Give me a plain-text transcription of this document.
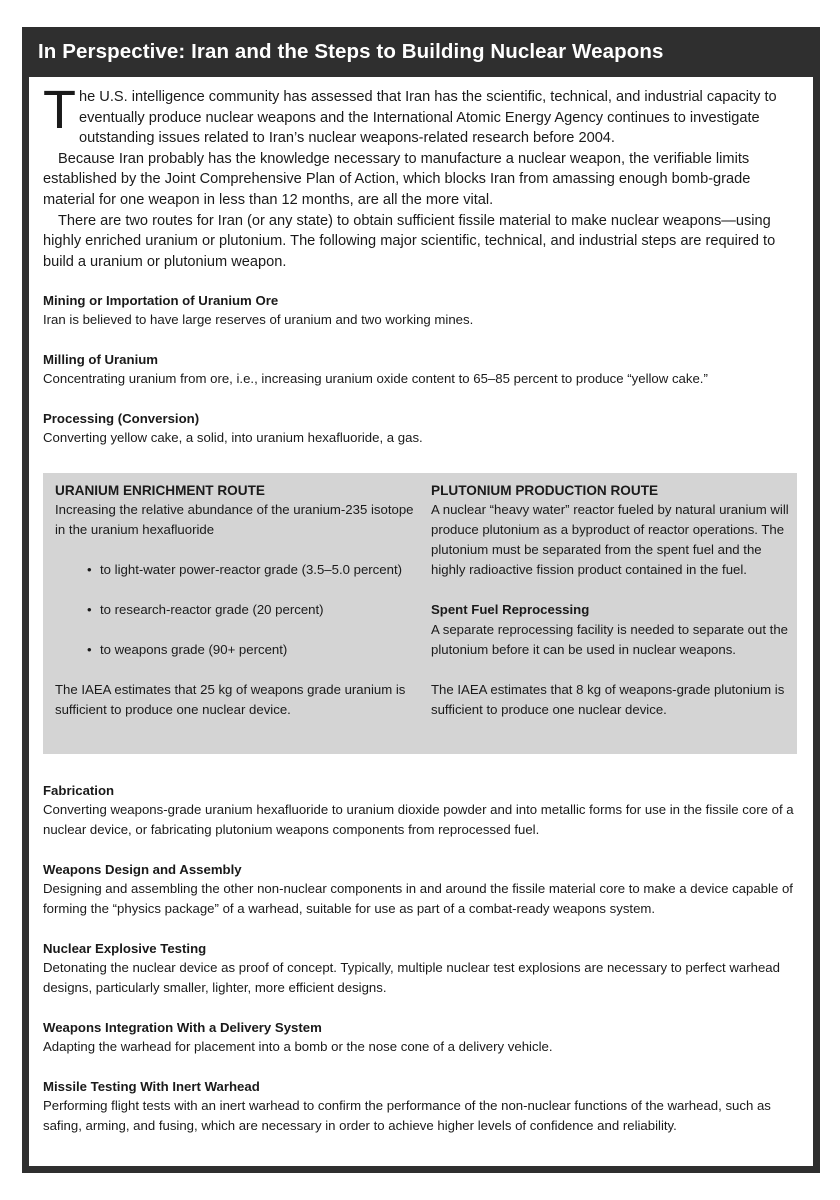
In Perspective: Iran and the Steps to Building Nuclear Weapons

The U.S. intelligence community has assessed that Iran has the scientific, technical, and industrial capacity to eventually produce nuclear weapons and the International Atomic Energy Agency continues to investigate outstanding issues related to Iran’s nuclear weapons-related research before 2004.

Because Iran probably has the knowledge necessary to manufacture a nuclear weapon, the verifiable limits established by the Joint Comprehensive Plan of Action, which blocks Iran from amassing enough bomb-grade material for one weapon in less than 12 months, are all the more vital.

There are two routes for Iran (or any state) to obtain sufficient fissile material to make nuclear weapons—using highly enriched uranium or plutonium. The following major scientific, technical, and industrial steps are required to build a uranium or plutonium weapon.

Mining or Importation of Uranium Ore

Iran is believed to have large reserves of uranium and two working mines.

Milling of Uranium

Concentrating uranium from ore, i.e., increasing uranium oxide content to 65–85 percent to produce “yellow cake.”

Processing (Conversion)

Converting yellow cake, a solid, into uranium hexafluoride, a gas.

URANIUM ENRICHMENT ROUTE

Increasing the relative abundance of the uranium-235 isotope in the uranium hexafluoride

• to light-water power-reactor grade (3.5–5.0 percent)
• to research-reactor grade (20 percent)
• to weapons grade (90+ percent)

The IAEA estimates that 25 kg of weapons grade uranium is sufficient to produce one nuclear device.

PLUTONIUM PRODUCTION ROUTE

A nuclear “heavy water” reactor fueled by natural uranium will produce plutonium as a byproduct of reactor operations. The plutonium must be separated from the spent fuel and the highly radioactive fission product contained in the fuel.

Spent Fuel Reprocessing

A separate reprocessing facility is needed to separate out the plutonium before it can be used in nuclear weapons.

The IAEA estimates that 8 kg of weapons-grade plutonium is sufficient to produce one nuclear device.

Fabrication

Converting weapons-grade uranium hexafluoride to uranium dioxide powder and into metallic forms for use in the fissile core of a nuclear device, or fabricating plutonium weapons components from reprocessed fuel.

Weapons Design and Assembly

Designing and assembling the other non-nuclear components in and around the fissile material core to make a device capable of forming the “physics package” of a warhead, suitable for use as part of a combat-ready weapons system.

Nuclear Explosive Testing

Detonating the nuclear device as proof of concept. Typically, multiple nuclear test explosions are necessary to perfect warhead designs, particularly smaller, lighter, more efficient designs.

Weapons Integration With a Delivery System

Adapting the warhead for placement into a bomb or the nose cone of a delivery vehicle.

Missile Testing With Inert Warhead

Performing flight tests with an inert warhead to confirm the performance of the non-nuclear functions of the warhead, such as safing, arming, and fusing, which are necessary in order to achieve higher levels of confidence and reliability.
